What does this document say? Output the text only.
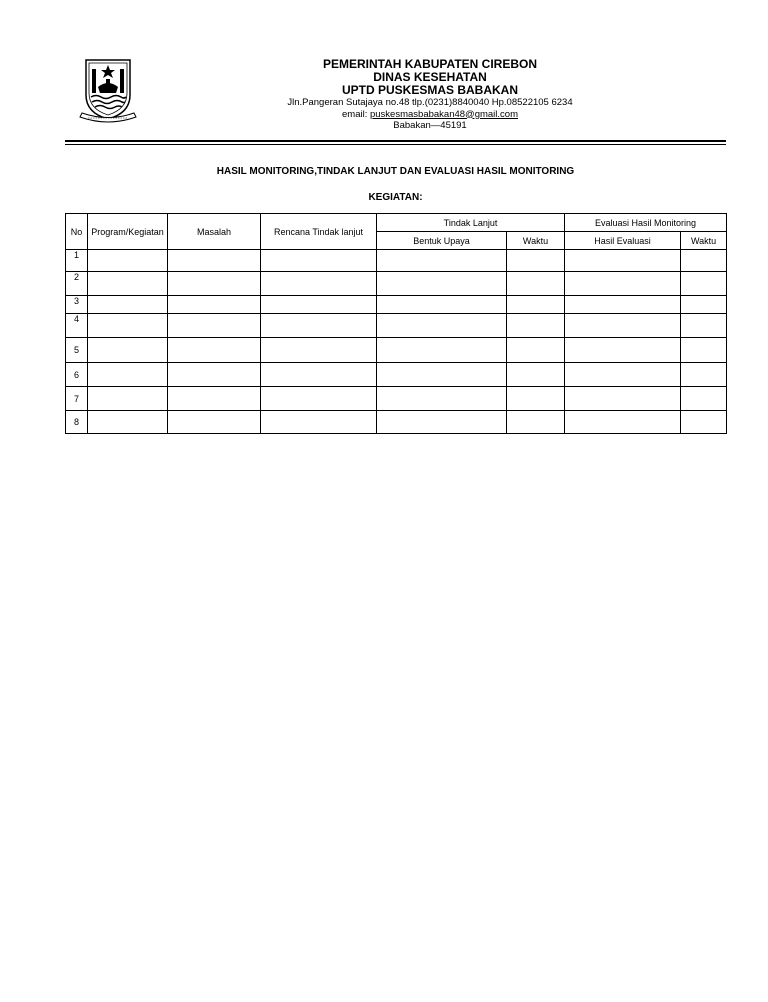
PEMERINTAH KABUPATEN CIREBON
DINAS KESEHATAN
UPTD PUSKESMAS BABAKAN
Jln.Pangeran Sutajaya no.48 tlp.(0231)8840040 Hp.08522105 6234
email: puskesmasbabakan48@gmail.com
Babakan—45191
HASIL MONITORING,TINDAK LANJUT DAN EVALUASI HASIL MONITORING
KEGIATAN:
No	Program/Kegiatan	Masalah	Rencana Tindak lanjut	Tindak Lanjut		Evaluasi Hasil Monitoring	
				Bentuk Upaya	Waktu	Hasil Evaluasi	Waktu
1							
2							
3							
4							
5							
6							
7							
8							
